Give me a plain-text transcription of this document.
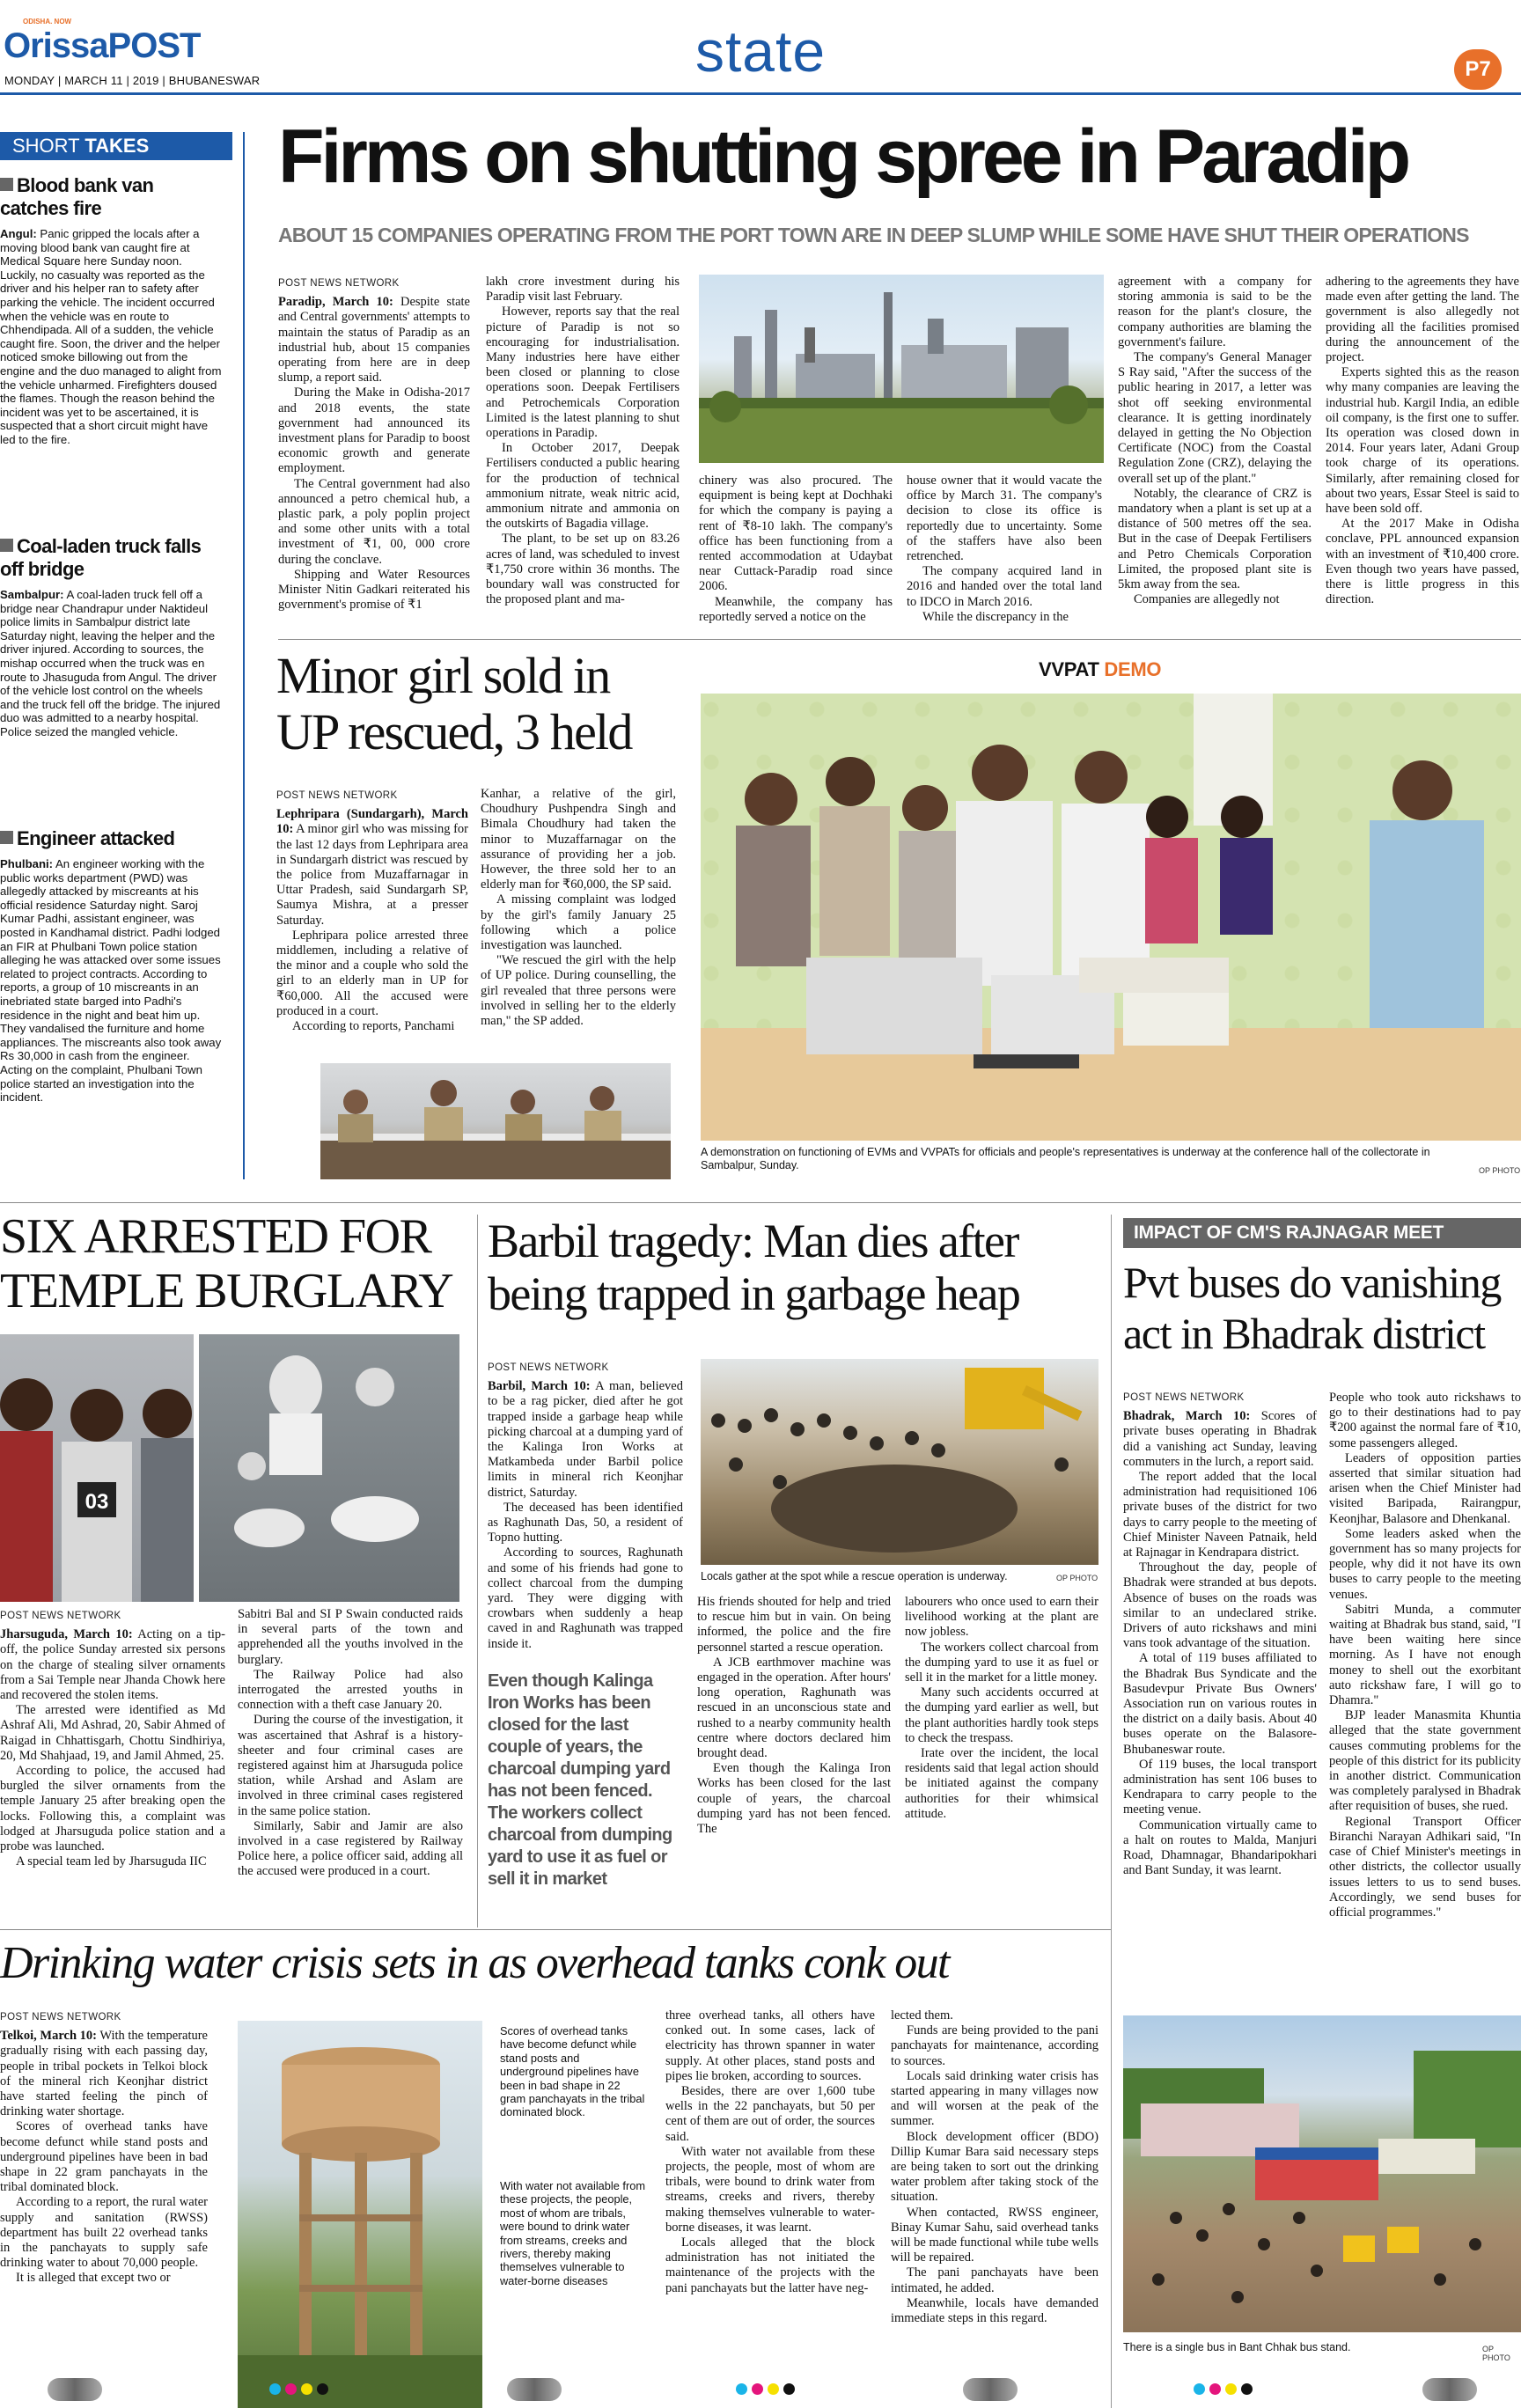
OrissaPOST
ODISHA. NOW
MONDAY | MARCH 11 | 2019 | BHUBANESWAR	state	P7
SHORT TAKES
Blood bank van catches fire
Angul: Panic gripped the locals after a moving blood bank van caught fire at Medical Square here Sunday noon. Luckily, no casualty was reported as the driver and his helper ran to safety after parking the vehicle. The incident occurred when the vehicle was en route to Chhendipada. All of a sudden, the vehicle caught fire. Soon, the driver and the helper noticed smoke billowing out from the engine and the duo managed to alight from the vehicle unharmed. Firefighters doused the flames. Though the reason behind the incident was yet to be ascertained, it is suspected that a short circuit might have led to the fire.
Coal-laden truck falls off bridge
Sambalpur: A coal-laden truck fell off a bridge near Chandrapur under Naktideul police limits in Sambalpur district late Saturday night, leaving the helper and the driver injured. According to sources, the mishap occurred when the truck was en route to Jhasuguda from Angul. The driver of the vehicle lost control on the wheels and the truck fell off the bridge. The injured duo was admitted to a nearby hospital. Police seized the mangled vehicle.
Engineer attacked
Phulbani: An engineer working with the public works department (PWD) was allegedly attacked by miscreants at his official residence Saturday night. Saroj Kumar Padhi, assistant engineer, was posted in Kandhamal district. Padhi lodged an FIR at Phulbani Town police station alleging he was attacked over some issues related to project contracts. According to reports, a group of 10 miscreants in an inebriated state barged into Padhi's residence in the night and beat him up. They vandalised the furniture and home appliances. The miscreants also took away Rs 30,000 in cash from the engineer. Acting on the complaint, Phulbani Town police started an investigation into the incident.
Firms on shutting spree in Paradip
ABOUT 15 COMPANIES OPERATING FROM THE PORT TOWN ARE IN DEEP SLUMP WHILE SOME HAVE SHUT THEIR OPERATIONS
POST NEWS NETWORK

Paradip, March 10: Despite state and Central governments' attempts to maintain the status of Paradip as an industrial hub, about 15 companies operating from here are in deep slump, a report said.

During the Make in Odisha-2017 and 2018 events, the state government had announced its investment plans for Paradip to boost economic growth and generate employment.

The Central government had also announced a petro chemical hub, a plastic park, a poly poplin project and some other units with a total investment of ₹1, 00, 000 crore during the conclave.

Shipping and Water Resources Minister Nitin Gadkari reiterated his government's promise of ₹1

lakh crore investment during his Paradip visit last February.

However, reports say that the real picture of Paradip is not so encouraging for industrialisation. Many industries here have either been closed or planning to close operations soon. Deepak Fertilisers and Petrochemicals Corporation Limited is the latest planning to shut operations in Paradip.

In October 2017, Deepak Fertilisers conducted a public hearing for the production of technical ammonium nitrate, weak nitric acid, ammonium nitrate and ammonia on the outskirts of Bagadia village.

The plant, to be set up on 83.26 acres of land, was scheduled to invest ₹1,750 crore within 36 months. The boundary wall was constructed for the proposed plant and ma-

chinery was also procured. The equipment is being kept at Dochhaki for which the company is paying a rent of ₹8-10 lakh. The company's office has been functioning from a rented accommodation at Udaybat near Cuttack-Paradip road since 2006.

Meanwhile, the company has reportedly served a notice on the

house owner that it would vacate the office by March 31. The company's decision to close its office is reportedly due to uncertainty. Some of the staffers have also been retrenched.

The company acquired land in 2016 and handed over the total land to IDCO in March 2016.

While the discrepancy in the

agreement with a company for storing ammonia is said to be the reason for the plant's closure, the company authorities are blaming the government's failure.

The company's General Manager S Ray said, "After the success of the public hearing in 2017, a letter was shot off seeking environmental clearance. It is getting inordinately delayed in getting the No Objection Certificate (NOC) from the Coastal Regulation Zone (CRZ), delaying the overall set up of the plant."

Notably, the clearance of CRZ is mandatory when a plant is set up at a distance of 500 metres off the sea. But in the case of Deepak Fertilisers and Petro Chemicals Corporation Limited, the proposed plant site is 5km away from the sea.

Companies are allegedly not

adhering to the agreements they have made even after getting the land. The government is also allegedly not providing all the facilities promised during the announcement of the project.

Experts sighted this as the reason why many companies are leaving the industrial hub. Kargil India, an edible oil company, is the first one to suffer. Its operation was closed down in 2014. Four years later, Adani Group took charge of its operations. Similarly, after remaining closed for about two years, Essar Steel is said to have been sold off.

At the 2017 Make in Odisha conclave, PPL announced expansion with an investment of ₹10,400 crore. Even though two years have passed, there is little progress in this direction.

Minor girl sold in
UP rescued, 3 held
POST NEWS NETWORK

Lephripara (Sundargarh), March 10: A minor girl who was missing for the last 12 days from Lephripara area in Sundargarh district was rescued by the police from Muzaffarnagar in Uttar Pradesh, said Sundargarh SP, Saumya Mishra, at a presser Saturday.

Lephripara police arrested three middlemen, including a relative of the minor and a couple who sold the girl to an elderly man in UP for ₹60,000. All the accused were produced in a court.

According to reports, Panchami

Kanhar, a relative of the girl, Choudhury Pushpendra Singh and Bimala Choudhury had taken the minor to Muzaffarnagar on the assurance of providing her a job. However, the three sold her to an elderly man for ₹60,000, the SP said.

A missing complaint was lodged by the girl's family January 25 following which a police investigation was launched.

"We rescued the girl with the help of UP police. During counselling, the girl revealed that three persons were involved in selling her to the elderly man," the SP added.

VVPAT DEMO
A demonstration on functioning of EVMs and VVPATs for officials and people's representatives is underway at the conference hall of the collectorate in Sambalpur, Sunday.	OP PHOTO
SIX ARRESTED FOR
TEMPLE BURGLARY
03
POST NEWS NETWORK

Jharsuguda, March 10: Acting on a tip-off, the police Sunday arrested six persons on the charge of stealing silver ornaments from a Sai Temple near Jhanda Chowk here and recovered the stolen items.

The arrested were identified as Md Ashraf Ali, Md Ashrad, 20, Sabir Ahmed of Raigad in Chhattisgarh, Chottu Sindhiriya, 20, Md Shahjaad, 19, and Jamil Ahmed, 25.

According to police, the accused had burgled the silver ornaments from the temple January 25 after breaking open the locks. Following this, a complaint was lodged at Jharsuguda police station and a probe was launched.

A special team led by Jharsuguda IIC

Sabitri Bal and SI P Swain conducted raids in several parts of the town and apprehended all the youths involved in the burglary.

The Railway Police had also interrogated the arrested youths in connection with a theft case January 20.

During the course of the investigation, it was ascertained that Ashraf is a history-sheeter and four criminal cases are registered against him at Jharsuguda police station, while Arshad and Aslam are involved in three criminal cases registered in the same police station.

Similarly, Sabir and Jamir are also involved in a case registered by Railway Police here, a police officer said, adding all the accused were produced in a court.

Barbil tragedy: Man dies after
being trapped in garbage heap
POST NEWS NETWORK

Barbil, March 10: A man, believed to be a rag picker, died after he got trapped inside a garbage heap while picking charcoal at a dumping yard of the Kalinga Iron Works at Matkambeda under Barbil police limits in mineral rich Keonjhar district, Saturday.

The deceased has been identified as Raghunath Das, 50, a resident of Topno hutting.

According to sources, Raghunath and some of his friends had gone to collect charcoal from the dumping yard. They were digging with crowbars when suddenly a heap caved in and Raghunath was trapped inside it.

Even though Kalinga Iron Works has been closed for the last couple of years, the charcoal dumping yard has not been fenced. The workers collect charcoal from dumping yard to use it as fuel or sell it in market
Locals gather at the spot while a rescue operation is underway.	OP PHOTO

His friends shouted for help and tried to rescue him but in vain. On being informed, the police and the fire personnel started a rescue operation.

A JCB earthmover machine was engaged in the operation. After hours' long operation, Raghunath was rescued in an unconscious state and rushed to a nearby community health centre where doctors declared him brought dead.

Even though the Kalinga Iron Works has been closed for the last couple of years, the charcoal dumping yard has not been fenced. The

labourers who once used to earn their livelihood working at the plant are now jobless.

The workers collect charcoal from the dumping yard to use it as fuel or sell it in the market for a little money.

Many such accidents occurred at the dumping yard earlier as well, but the plant authorities hardly took steps to check the trespass.

Irate over the incident, the local residents said that legal action should be initiated against the company authorities for their whimsical attitude.

IMPACT OF CM'S RAJNAGAR MEET
Pvt buses do vanishing
act in Bhadrak district
POST NEWS NETWORK

Bhadrak, March 10: Scores of private buses operating in Bhadrak did a vanishing act Sunday, leaving commuters in the lurch, a report said.

The report added that the local administration had requisitioned 106 private buses of the district for two days to carry people to the meeting of Chief Minister Naveen Patnaik, held at Rajnagar in Kendrapara district.

Throughout the day, people of Bhadrak were stranded at bus depots. Absence of buses on the roads was similar to an undeclared strike. Drivers of auto rickshaws and mini vans took advantage of the situation.

A total of 119 buses affiliated to the Bhadrak Bus Syndicate and the Basudevpur Private Bus Owners' Association run on various routes in the district on a daily basis. About 40 buses operate on the Balasore-Bhubaneswar route.

Of 119 buses, the local transport administration has sent 106 buses to Kendrapara to carry people to the meeting venue.

Communication virtually came to a halt on routes to Malda, Manjuri Road, Dhamnagar, Bhandaripokhari and Bant Sunday, it was learnt.

People who took auto rickshaws to go to their destinations had to pay ₹200 against the normal fare of ₹10, some passengers alleged.

Leaders of opposition parties asserted that similar situation had arisen when the Chief Minister had visited Baripada, Rairangpur, Keonjhar, Balasore and Dhenkanal.

Some leaders asked when the government has so many projects for people, why did it not have its own buses to carry people to the meeting venues.

Sabitri Munda, a commuter waiting at Bhadrak bus stand, said, "I have been waiting here since morning. As I have not enough money to shell out the exorbitant auto rickshaw fare, I will go to Dhamra."

BJP leader Manasmita Khuntia alleged that the state government causes commuting problems for the people of this district for its publicity in another district. Communication was completely paralysed in Bhadrak after requisition of buses, she rued.

Regional Transport Officer Biranchi Narayan Adhikari said, "In case of Chief Minister's meetings in other districts, the collector usually issues letters to us to send buses. Accordingly, we send buses for official programmes."

There is a single bus in Bant Chhak bus stand.	OP PHOTO
Drinking water crisis sets in as overhead tanks conk out
POST NEWS NETWORK

Telkoi, March 10: With the temperature gradually rising with each passing day, people in tribal pockets in Telkoi block of the mineral rich Keonjhar district have started feeling the pinch of drinking water shortage.

Scores of overhead tanks have become defunct while stand posts and underground pipelines have been in bad shape in 22 gram panchayats in the tribal dominated block.

According to a report, the rural water supply and sanitation (RWSS) department has built 22 overhead tanks in the panchayats to supply safe drinking water to about 70,000 people.

It is alleged that except two or

Scores of overhead tanks have become defunct while stand posts and underground pipelines have been in bad shape in 22 gram panchayats in the tribal dominated block.
With water not available from these projects, the people, most of whom are tribals, were bound to drink water from streams, creeks and rivers, thereby making themselves vulnerable to water-borne diseases

three overhead tanks, all others have conked out. In some cases, lack of electricity has thrown spanner in water supply. At other places, stand posts and pipes lie broken, according to sources.

Besides, there are over 1,600 tube wells in the 22 panchayats, but 50 per cent of them are out of order, the sources said.

With water not available from these projects, the people, most of whom are tribals, were bound to drink water from streams, creeks and rivers, thereby making themselves vulnerable to water-borne diseases, it was learnt.

Locals alleged that the block administration has not initiated the maintenance of the projects with the pani panchayats but the latter have neg-

lected them.

Funds are being provided to the pani panchayats for maintenance, according to sources.

Locals said drinking water crisis has started appearing in many villages now and will worsen at the peak of the summer.

Block development officer (BDO) Dillip Kumar Bara said necessary steps are being taken to sort out the drinking water problem after taking stock of the situation.

When contacted, RWSS engineer, Binay Kumar Sahu, said overhead tanks will be made functional while tube wells will be repaired.

The pani panchayats have been intimated, he added.

Meanwhile, locals have demanded immediate steps in this regard.
